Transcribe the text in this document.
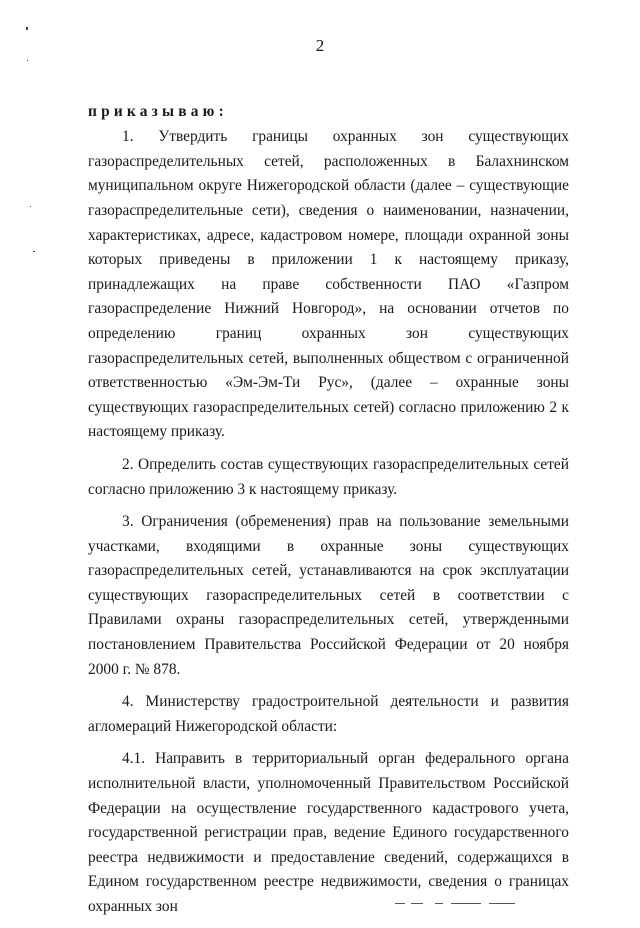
2
приказываю:

1. Утвердить границы охранных зон существующих газораспределительных сетей, расположенных в Балахнинском муниципальном округе Нижегородской области (далее – существующие газораспределительные сети), сведения о наименовании, назначении, характеристиках, адресе, кадастровом номере, площади охранной зоны которых приведены в приложении 1 к настоящему приказу, принадлежащих на праве собственности ПАО «Газпром газораспределение Нижний Новгород», на основании отчетов по определению границ охранных зон существующих газораспределительных сетей, выполненных обществом с ограниченной ответственностью «Эм-Эм-Ти Рус», (далее – охранные зоны существующих газораспределительных сетей) согласно приложению 2 к настоящему приказу.

2. Определить состав существующих газораспределительных сетей согласно приложению 3 к настоящему приказу.

3. Ограничения (обременения) прав на пользование земельными участками, входящими в охранные зоны существующих газораспределительных сетей, устанавливаются на срок эксплуатации существующих газораспределительных сетей в соответствии с Правилами охраны газораспределительных сетей, утвержденными постановлением Правительства Российской Федерации от 20 ноября 2000 г. № 878.

4. Министерству градостроительной деятельности и развития агломераций Нижегородской области:

4.1. Направить в территориальный орган федерального органа исполнительной власти, уполномоченный Правительством Российской Федерации на осуществление государственного кадастрового учета, государственной регистрации прав, ведение Единого государственного реестра недвижимости и предоставление сведений, содержащихся в Едином государственном реестре недвижимости, сведения о границах охранных зон
